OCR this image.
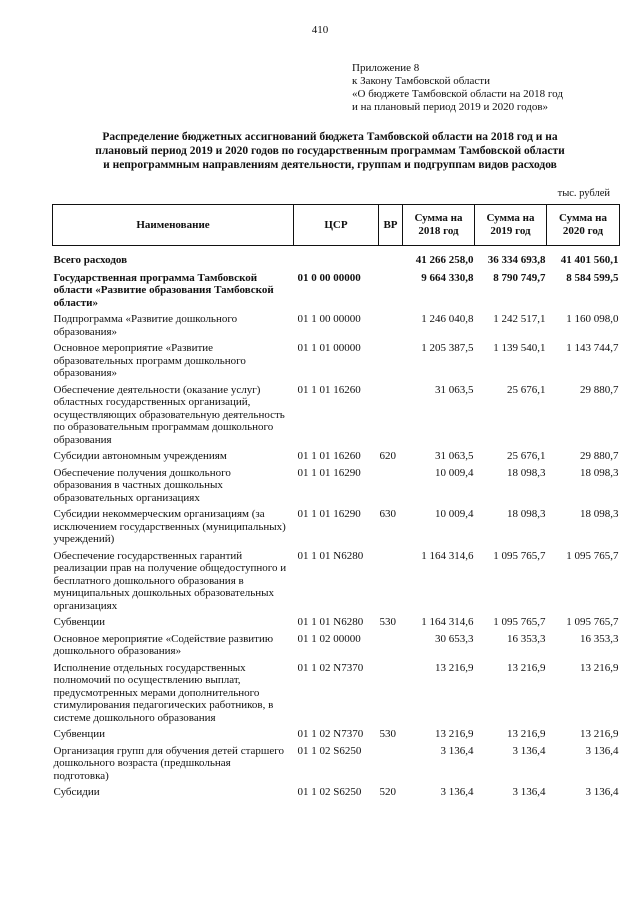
410
Приложение 8
к Закону Тамбовской области
«О бюджете Тамбовской области на 2018 год
и на плановый период 2019 и 2020 годов»
Распределение бюджетных ассигнований бюджета Тамбовской области на 2018 год и на
плановый период 2019 и 2020 годов по государственным программам Тамбовской области
и непрограммным направлениям деятельности, группам и подгруппам видов расходов
тыс. рублей
Наименование	ЦСР	ВР	Сумма на 2018 год	Сумма на 2019 год	Сумма на 2020 год
Всего расходов			41 266 258,0	36 334 693,8	41 401 560,1
Государственная программа Тамбовской области «Развитие образования Тамбовской области»	01 0 00 00000		9 664 330,8	8 790 749,7	8 584 599,5
Подпрограмма «Развитие дошкольного образования»	01 1 00 00000		1 246 040,8	1 242 517,1	1 160 098,0
Основное мероприятие «Развитие образовательных программ дошкольного образования»	01 1 01 00000		1 205 387,5	1 139 540,1	1 143 744,7
Обеспечение деятельности (оказание услуг) областных государственных организаций, осуществляющих образовательную деятельность по образовательным программам дошкольного образования	01 1 01 16260		31 063,5	25 676,1	29 880,7
Субсидии автономным учреждениям	01 1 01 16260	620	31 063,5	25 676,1	29 880,7
Обеспечение получения дошкольного образования в частных дошкольных образовательных организациях	01 1 01 16290		10 009,4	18 098,3	18 098,3
Субсидии некоммерческим организациям (за исключением государственных (муниципальных) учреждений)	01 1 01 16290	630	10 009,4	18 098,3	18 098,3
Обеспечение государственных гарантий реализации прав на получение общедоступного и бесплатного дошкольного образования в муниципальных дошкольных образовательных организациях	01 1 01 N6280		1 164 314,6	1 095 765,7	1 095 765,7
Субвенции	01 1 01 N6280	530	1 164 314,6	1 095 765,7	1 095 765,7
Основное мероприятие «Содействие развитию дошкольного образования»	01 1 02 00000		30 653,3	16 353,3	16 353,3
Исполнение отдельных государственных полномочий по осуществлению выплат, предусмотренных мерами дополнительного стимулирования педагогических работников, в системе дошкольного образования	01 1 02 N7370		13 216,9	13 216,9	13 216,9
Субвенции	01 1 02 N7370	530	13 216,9	13 216,9	13 216,9
Организация групп для обучения детей старшего дошкольного возраста (предшкольная подготовка)	01 1 02 S6250		3 136,4	3 136,4	3 136,4
Субсидии	01 1 02 S6250	520	3 136,4	3 136,4	3 136,4
